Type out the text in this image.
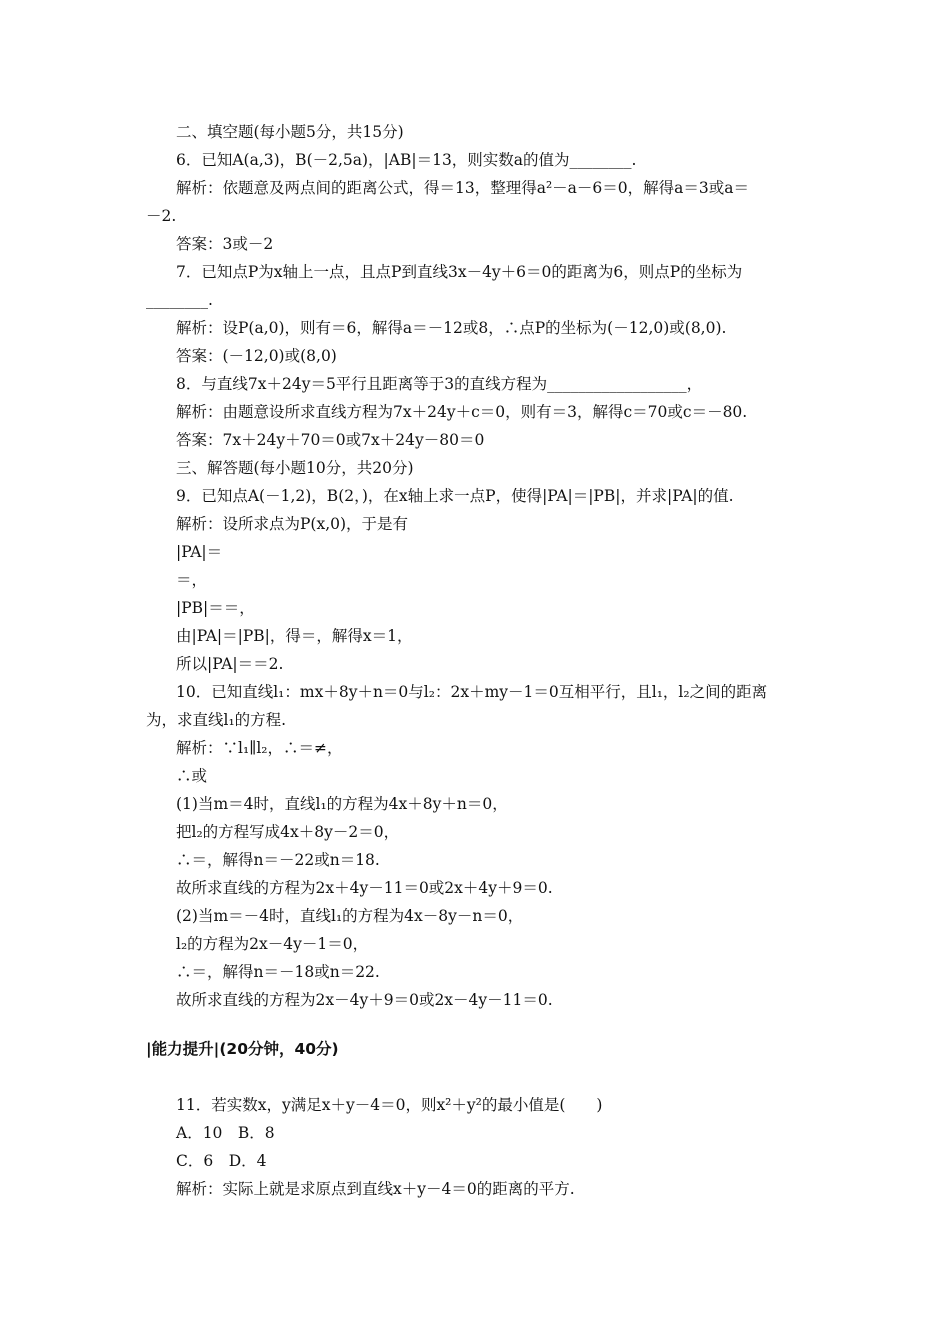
二、填空题(每小题5分，共15分)
6．已知A(a,3)，B(－2,5a)，|AB|＝13，则实数a的值为________.
解析：依题意及两点间的距离公式，得＝13，整理得a²－a－6＝0，解得a＝3或a＝
－2.
答案：3或－2
7．已知点P为x轴上一点，且点P到直线3x－4y＋6＝0的距离为6，则点P的坐标为
________.
解析：设P(a,0)，则有＝6，解得a＝－12或8，∴点P的坐标为(－12,0)或(8,0).
答案：(－12,0)或(8,0)
8．与直线7x＋24y＝5平行且距离等于3的直线方程为__________________，
解析：由题意设所求直线方程为7x＋24y＋c＝0，则有＝3，解得c＝70或c＝－80.
答案：7x＋24y＋70＝0或7x＋24y－80＝0
三、解答题(每小题10分，共20分)
9．已知点A(－1,2)，B(2，)，在x轴上求一点P，使得|PA|＝|PB|，并求|PA|的值.
解析：设所求点为P(x,0)，于是有
|PA|＝
＝，
|PB|＝＝，
由|PA|＝|PB|，得＝，解得x＝1，
所以|PA|＝＝2.
10．已知直线l₁：mx＋8y＋n＝0与l₂：2x＋my－1＝0互相平行，且l₁，l₂之间的距离
为，求直线l₁的方程.
解析：∵l₁∥l₂，∴＝≠，
∴或
(1)当m＝4时，直线l₁的方程为4x＋8y＋n＝0，
把l₂的方程写成4x＋8y－2＝0，
∴＝，解得n＝－22或n＝18.
故所求直线的方程为2x＋4y－11＝0或2x＋4y＋9＝0.
(2)当m＝－4时，直线l₁的方程为4x－8y－n＝0，
l₂的方程为2x－4y－1＝0，
∴＝，解得n＝－18或n＝22.
故所求直线的方程为2x－4y＋9＝0或2x－4y－11＝0.
|能力提升|(20分钟，40分)
11．若实数x，y满足x＋y－4＝0，则x²＋y²的最小值是(　　)
A．10　B．8
C．6　D．4
解析：实际上就是求原点到直线x＋y－4＝0的距离的平方.
